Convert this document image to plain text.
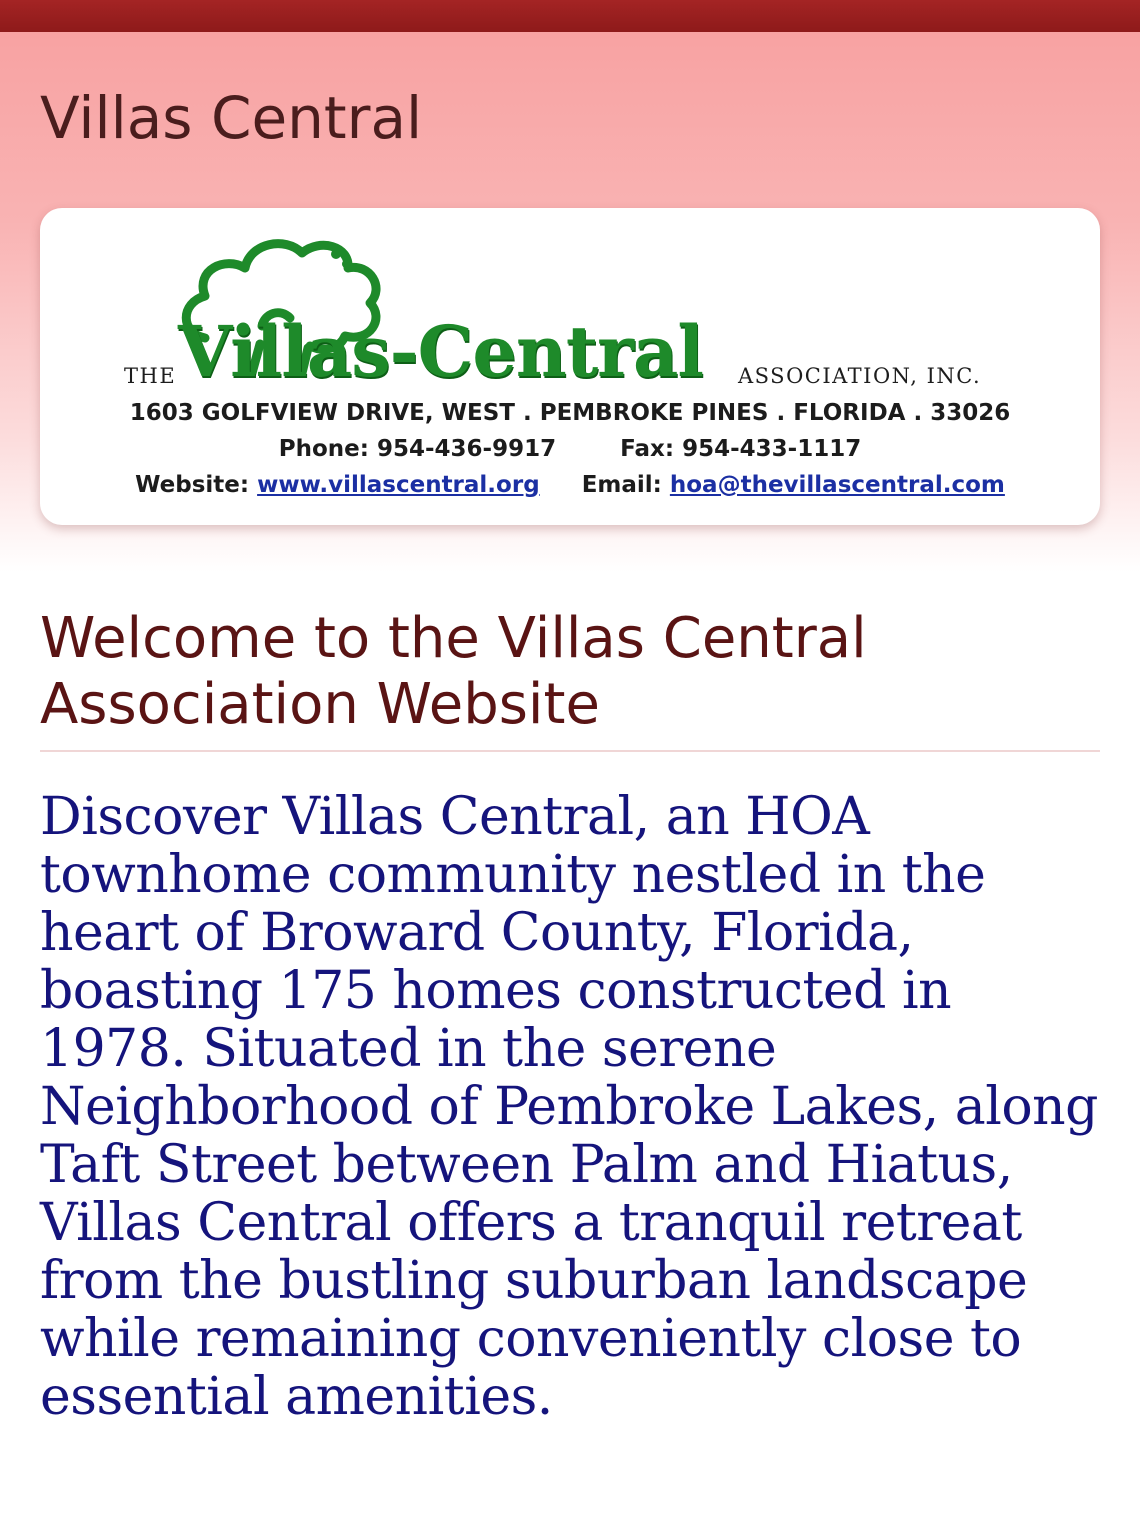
Villas Central
THE Villas-Central ASSOCIATION, INC.
1603 GOLFVIEW DRIVE, WEST . PEMBROKE PINES . FLORIDA . 33026
Phone: 954-436-9917	Fax: 954-433-1117
Website: www.villascentral.org Email: hoa@thevillascentral.com
Welcome to the Villas Central Association Website

Discover Villas Central, an HOA townhome community nestled in the heart of Broward County, Florida, boasting 175 homes constructed in 1978. Situated in the serene Neighborhood of Pembroke Lakes, along Taft Street between Palm and Hiatus, Villas Central offers a tranquil retreat from the bustling suburban landscape while remaining conveniently close to essential amenities.
